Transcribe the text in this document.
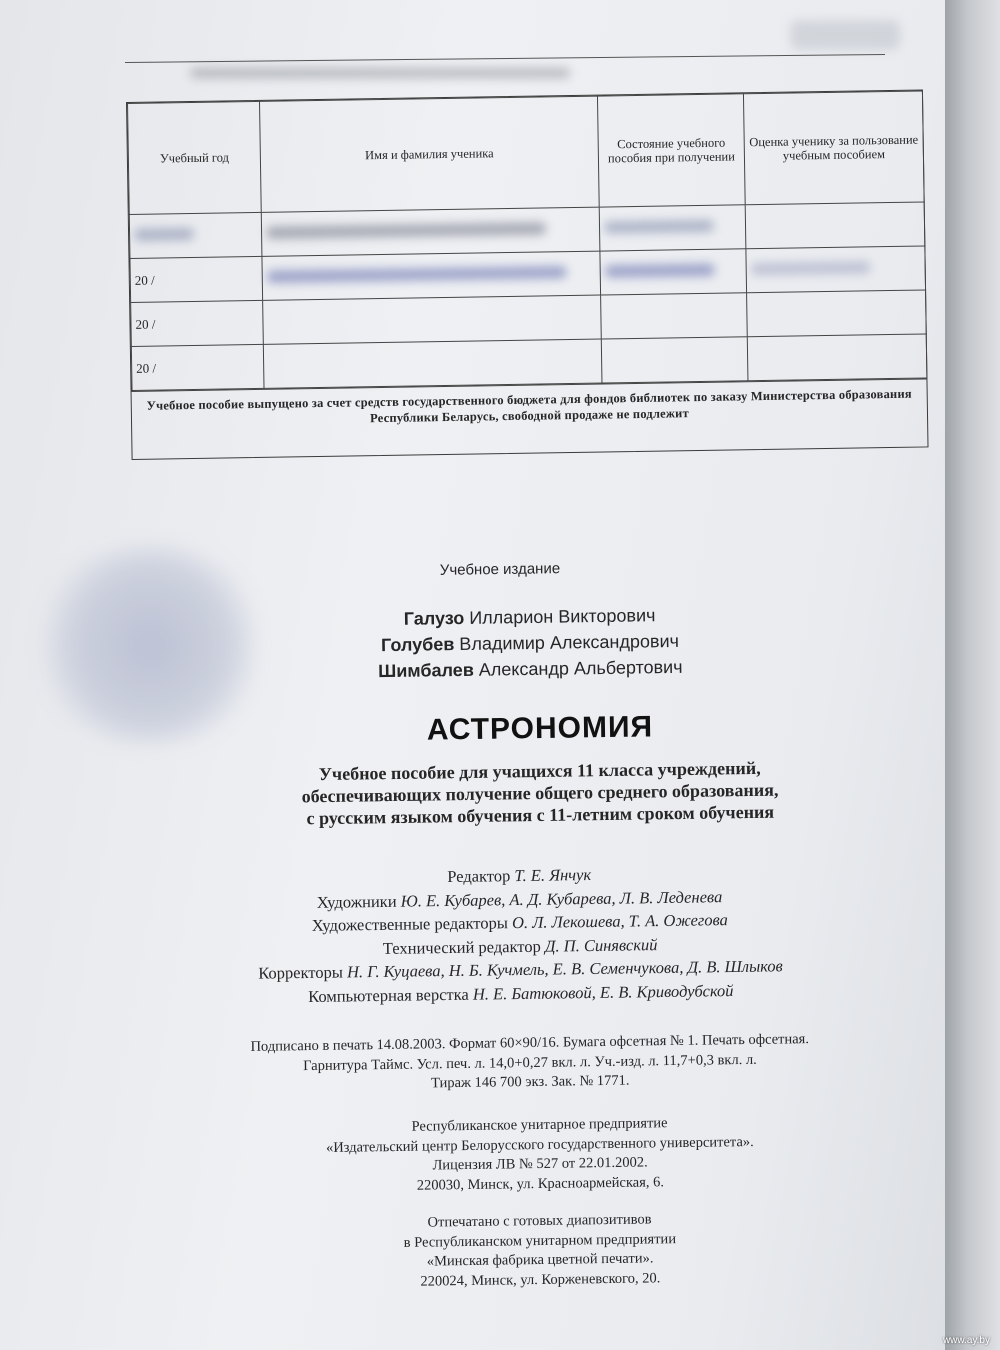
Учебный год	Имя и фамилия ученика	Состояние учебного пособия при получении	Оценка ученику за пользование учебным пособием

20 /			
20 /			
20 /			
Учебное пособие выпущено за счет средств государственного бюджета для фондов библиотек по заказу Министерства образования Республики Беларусь, свободной продаже не подлежит
Учебное издание
Галузо Илларион Викторович
Голубев Владимир Александрович
Шимбалев Александр Альбертович
АСТРОНОМИЯ
Учебное пособие для учащихся 11 класса учреждений,
обеспечивающих получение общего среднего образования,
с русским языком обучения с 11-летним сроком обучения
Редактор Т. Е. Янчук
Художники Ю. Е. Кубарев, А. Д. Кубарева, Л. В. Леденева
Художественные редакторы О. Л. Лекошева, Т. А. Ожегова
Технический редактор Д. П. Синявский
Корректоры Н. Г. Куцаева, Н. Б. Кучмель, Е. В. Семенчукова, Д. В. Шлыков
Компьютерная верстка Н. Е. Батюковой, Е. В. Криводубской
Подписано в печать 14.08.2003. Формат 60×90/16. Бумага офсетная № 1. Печать офсетная.
Гарнитура Таймс. Усл. печ. л. 14,0+0,27 вкл. л. Уч.-изд. л. 11,7+0,3 вкл. л.
Тираж 146 700 экз. Зак. № 1771.
Республиканское унитарное предприятие
«Издательский центр Белорусского государственного университета».
Лицензия ЛВ № 527 от 22.01.2002.
220030, Минск, ул. Красноармейская, 6.
Отпечатано с готовых диапозитивов
в Республиканском унитарном предприятии
«Минская фабрика цветной печати».
220024, Минск, ул. Корженевского, 20.
www.ay.by
